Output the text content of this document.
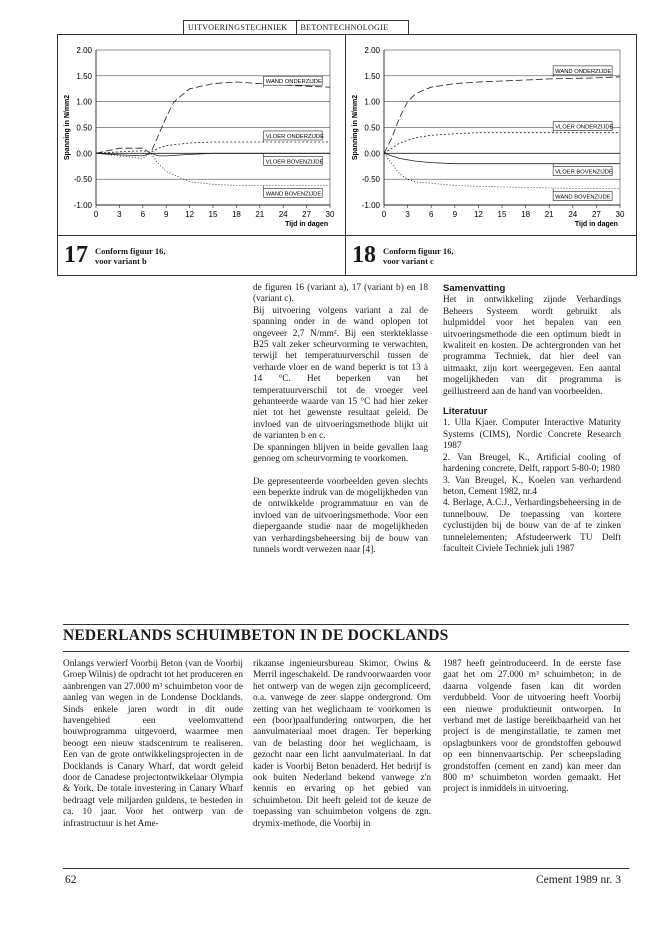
UITVOERINGSTECHNIEK	BETONTECHNOLOGIE
2.00
1.50
1.00
0.50
0.00
-0.50
-1.00
0 3 6 9 12 15 18 21 24 27 30
Tijd in dagen
Spanning in N/mm2
WAND ONDERZIJDE
VLOER ONDERZIJDE
VLOER BOVENZIJDE
WAND BOVENZIJDE
2.00
1.50
1.00
0.50
0.00
-0.50
-1.00
0 3 6 9 12 15 18 21 24 27 30
Tijd in dagen
Spanning in N/mm2
WAND ONDERZIJDE
VLOER ONDERZIJDE
VLOER BOVENZIJDE
WAND BOVENZIJDE
17 Conform figuur 16,
voor variant b	18 Conform figuur 16,
voor variant c

de figuren 16 (variant a), 17 (variant b) en 18 (variant c).

Bij uitvoering volgens variant a zal de spanning onder in de wand oplopen tot ongeveer 2,7 N/mm². Bij een sterkteklasse B25 valt zeker scheurvorming te verwachten, terwijl het temperatuurverschil tussen de verharde vloer en de wand beperkt is tot 13 à 14 °C. Het beperken van het temperatuurverschil tot de vroeger veel gehanteerde waarde van 15 °C had hier zeker niet tot het gewenste resultaat geleid. De invloed van de uitvoeringsmethode blijkt uit de varianten b en c.

De spanningen blijven in beide gevallen laag genoeg om scheurvorming te voorkomen.

De gepresenteerde voorbeelden geven slechts een beperkte indruk van de mogelijkheden van de ontwikkelde programmatuur en van de invloed van de uitvoeringsmethode. Voor een diepergaande studie naar de mogelijkheden van verhardingsbeheersing bij de bouw van tunnels wordt verwezen naar [4].

Samenvatting

Het in ontwikkeling zijnde Verhardings Beheers Systeem wordt gebruikt als hulpmiddel voor het bepalen van een uitvoeringsmethode die een optimum biedt in kwaliteit en kosten. De achtergronden van het programma Techniek, dat hier deel van uitmaakt, zijn kort weergegeven. Een aantal mogelijkheden van dit programma is geïllustreerd aan de hand van voorbeelden.

Literatuur

1. Ulla Kjaer. Computer Interactive Maturity Systems (CIMS), Nordic Concrete Research 1987

2. Van Breugel, K., Artificial cooling of hardening concrete, Delft, rapport 5-80-0; 1980

3. Van Breugel, K., Koelen van verhardend beton, Cement 1982, nr.4

4. Berlage, A.C.J., Verhardingsbeheersing in de tunnelbouw. De toepassing van kortere cyclustijden bij de bouw van de af te zinken tunnelelementen; Afstudeerwerk TU Delft faculteit Civiele Techniek juli 1987

NEDERLANDS SCHUIMBETON IN DE DOCKLANDS
Onlangs verwierf Voorbij Beton (van de Voorbij Groep Wilnis) de opdracht tot het produceren en aanbrengen van 27.000 m³ schuimbeton voor de aanleg van wegen in de Londense Docklands. Sinds enkele jaren wordt in dit oude havengebied een veelomvattend bouwprogramma uitgevoerd, waarmee men beoogt een nieuw stadscentrum te realiseren. Een van de grote ontwikkelingsprojecten in de Docklands is Canary Wharf, dat wordt geleid door de Canadese projectontwikkelaar Olympia & York. De totale investering in Canary Wharf bedraagt vele miljarden guldens, te besteden in ca. 10 jaar. Voor het ontwerp van de infrastructuur is het Ame-
rikaanse ingenieursbureau Skimor, Owins & Merril ingeschakeld. De randvoorwaarden voor het ontwerp van de wegen zijn gecompliceerd, o.a. vanwege de zeer slappe ondergrond. Om zetting van het weglichaam te voorkomen is een (boor)paalfundering ontworpen, die het aanvulmateriaal moet dragen. Ter beperking van de belasting door het weglichaam, is gezocht naar een licht aanvulmateriaal. In dat kader is Voorbij Beton benaderd. Het bedrijf is ook buiten Nederland bekend vanwege z'n kennis en ervaring op het gebied van schuimbeton. Dit heeft geleid tot de keuze de toepassing van schuimbeton volgens de zgn. drymix-methode, die Voorbij in
1987 heeft geïntroduceerd. In de eerste fase gaat het om 27.000 m³ schuimbeton; in de daarna volgende fasen kan dit worden verdubbeld. Voor de uitvoering heeft Voorbij een nieuwe produktieunit ontworpen. In verband met de lastige bereikbaarheid van het project is de menginstallatie, te zamen met opslagbunkers voor de grondstoffen gebouwd op een binnenvaartschip. Per scheepslading grondstoffen (cement en zand) kan meer dan 800 m³ schuimbeton worden gemaakt. Het project is inmiddels in uitvoering.
62	Cement 1989 nr. 3
